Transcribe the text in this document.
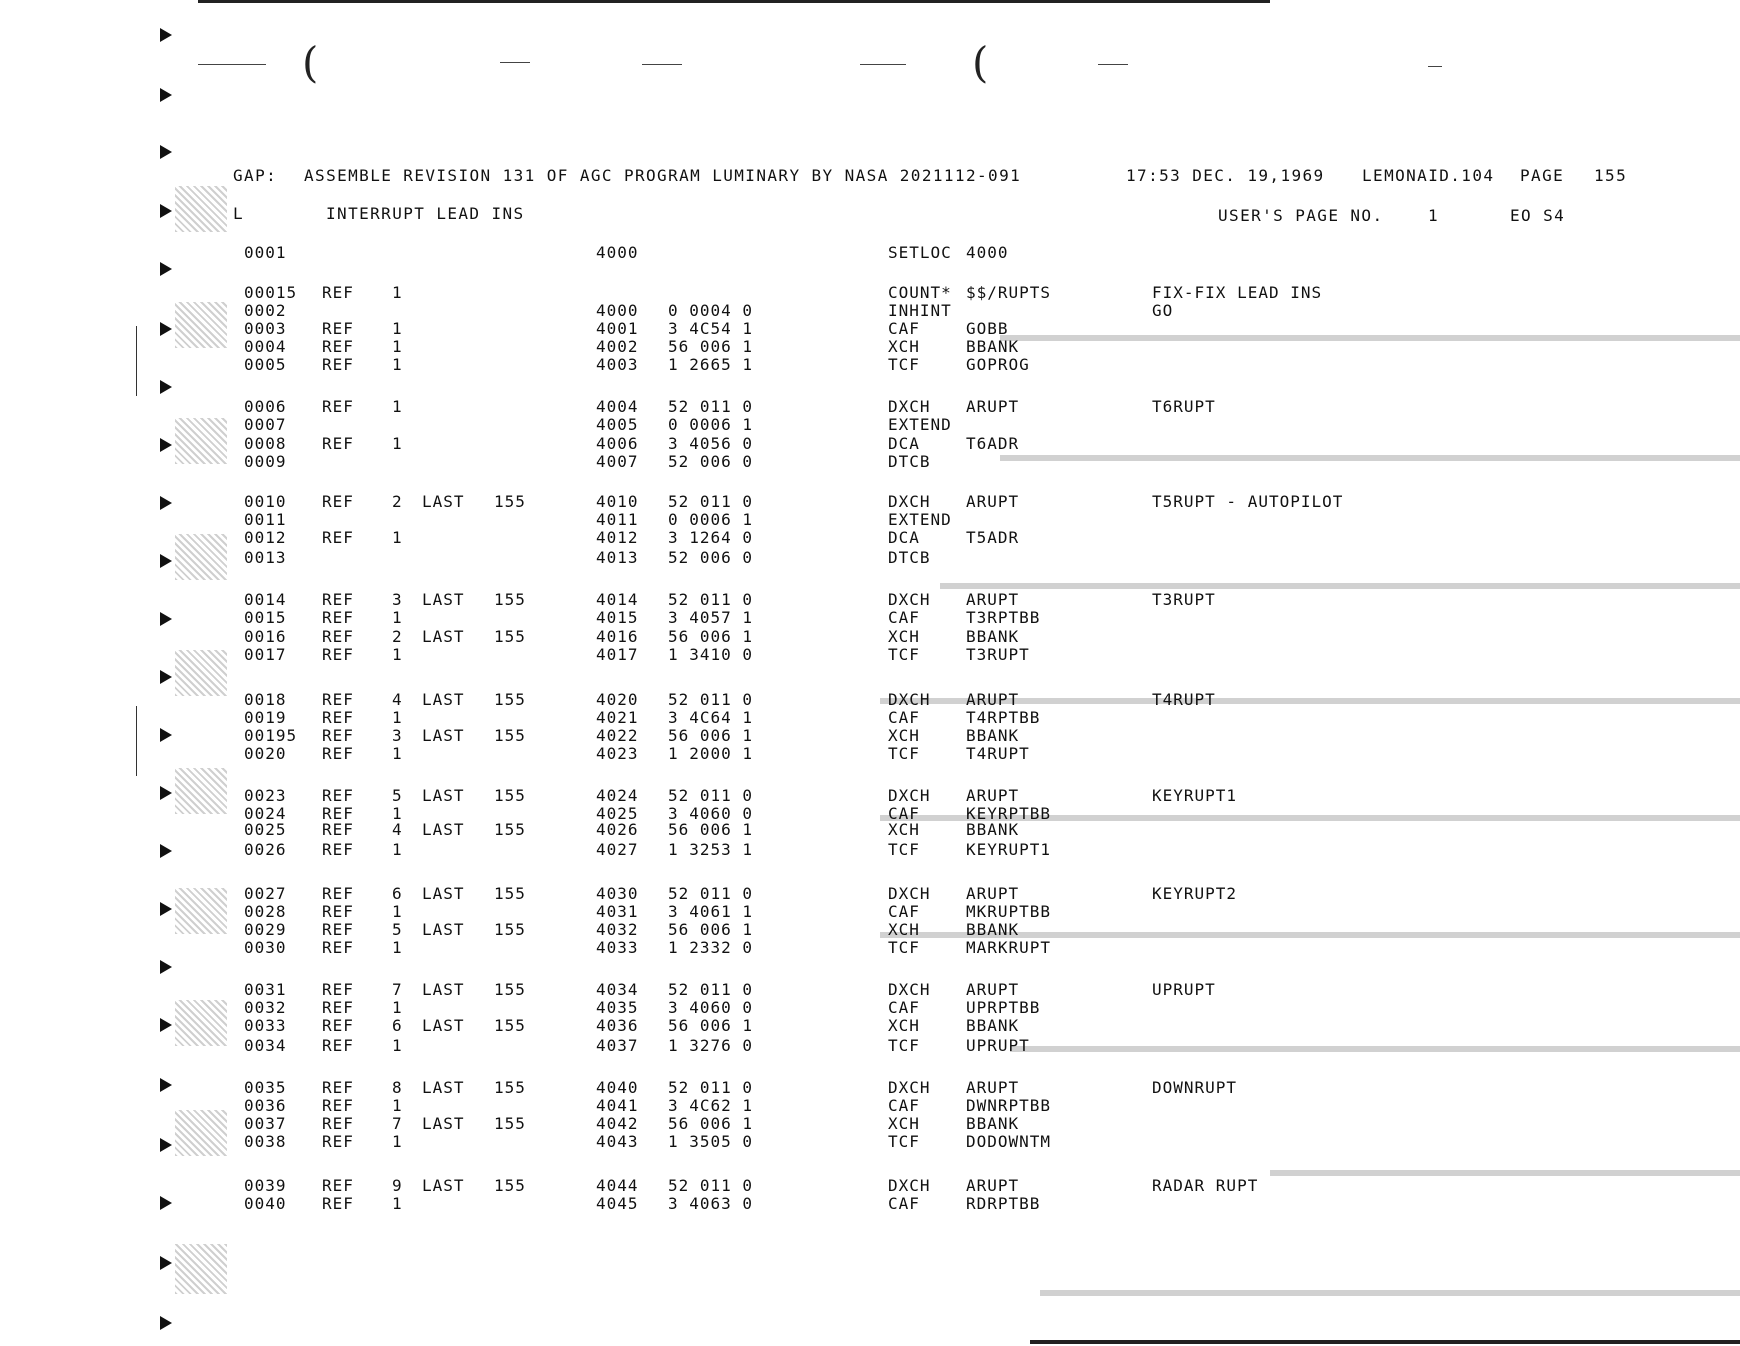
(	(
GAP: ASSEMBLE REVISION 131 OF AGC PROGRAM LUMINARY BY NASA 2021112-091	17:53 DEC. 19,1969 LEMONAID.104 PAGE 155
L	INTERRUPT LEAD INS	USER'S PAGE NO.	1	EO S4
0001	4000	SETLOC 4000
00015 REF 1	COUNT* $$/RUPTS	FIX-FIX LEAD INS
0002	4000 0 0004 0	INHINT	GO
0003 REF 1	4001 3 4C54 1	CAF	GOBB
0004 REF 1	4002 56 006 1	XCH	BBANK
0005 REF 1	4003 1 2665 1	TCF	GOPROG
0006 REF 1	4004 52 011 0	DXCH ARUPT	T6RUPT
0007	4005 0 0006 1	EXTEND
0008 REF 1	4006 3 4056 0	DCA	T6ADR
0009	4007 52 006 0	DTCB
0010 REF 2 LAST 155	4010 52 011 0	DXCH ARUPT	T5RUPT - AUTOPILOT
0011	4011 0 0006 1	EXTEND
0012 REF 1	4012 3 1264 0	DCA	T5ADR
0013	4013 52 006 0	DTCB
0014 REF 3 LAST 155	4014 52 011 0	DXCH ARUPT	T3RUPT
0015 REF 1	4015 3 4057 1	CAF	T3RPTBB
0016 REF 2 LAST 155	4016 56 006 1	XCH	BBANK
0017 REF 1	4017 1 3410 0	TCF	T3RUPT
0018 REF 4 LAST 155	4020 52 011 0	DXCH ARUPT	T4RUPT
0019 REF 1	4021 3 4C64 1	CAF	T4RPTBB
00195 REF 3 LAST 155	4022 56 006 1	XCH	BBANK
0020 REF 1	4023 1 2000 1	TCF	T4RUPT
0023 REF 5 LAST 155	4024 52 011 0	DXCH ARUPT	KEYRUPT1
0024 REF 1	4025 3 4060 0	CAF	KEYRPTBB
0025 REF 4 LAST 155	4026 56 006 1	XCH	BBANK
0026 REF 1	4027 1 3253 1	TCF	KEYRUPT1
0027 REF 6 LAST 155	4030 52 011 0	DXCH ARUPT	KEYRUPT2
0028 REF 1	4031 3 4061 1	CAF	MKRUPTBB
0029 REF 5 LAST 155	4032 56 006 1	XCH	BBANK
0030 REF 1	4033 1 2332 0	TCF	MARKRUPT
0031 REF 7 LAST 155	4034 52 011 0	DXCH ARUPT	UPRUPT
0032 REF 1	4035 3 4060 0	CAF	UPRPTBB
0033 REF 6 LAST 155	4036 56 006 1	XCH	BBANK
0034 REF 1	4037 1 3276 0	TCF	UPRUPT
0035 REF 8 LAST 155	4040 52 011 0	DXCH ARUPT	DOWNRUPT
0036 REF 1	4041 3 4C62 1	CAF	DWNRPTBB
0037 REF 7 LAST 155	4042 56 006 1	XCH	BBANK
0038 REF 1	4043 1 3505 0	TCF	DODOWNTM
0039 REF 9 LAST 155	4044 52 011 0	DXCH ARUPT	RADAR RUPT
0040 REF 1	4045 3 4063 0	CAF	RDRPTBB
